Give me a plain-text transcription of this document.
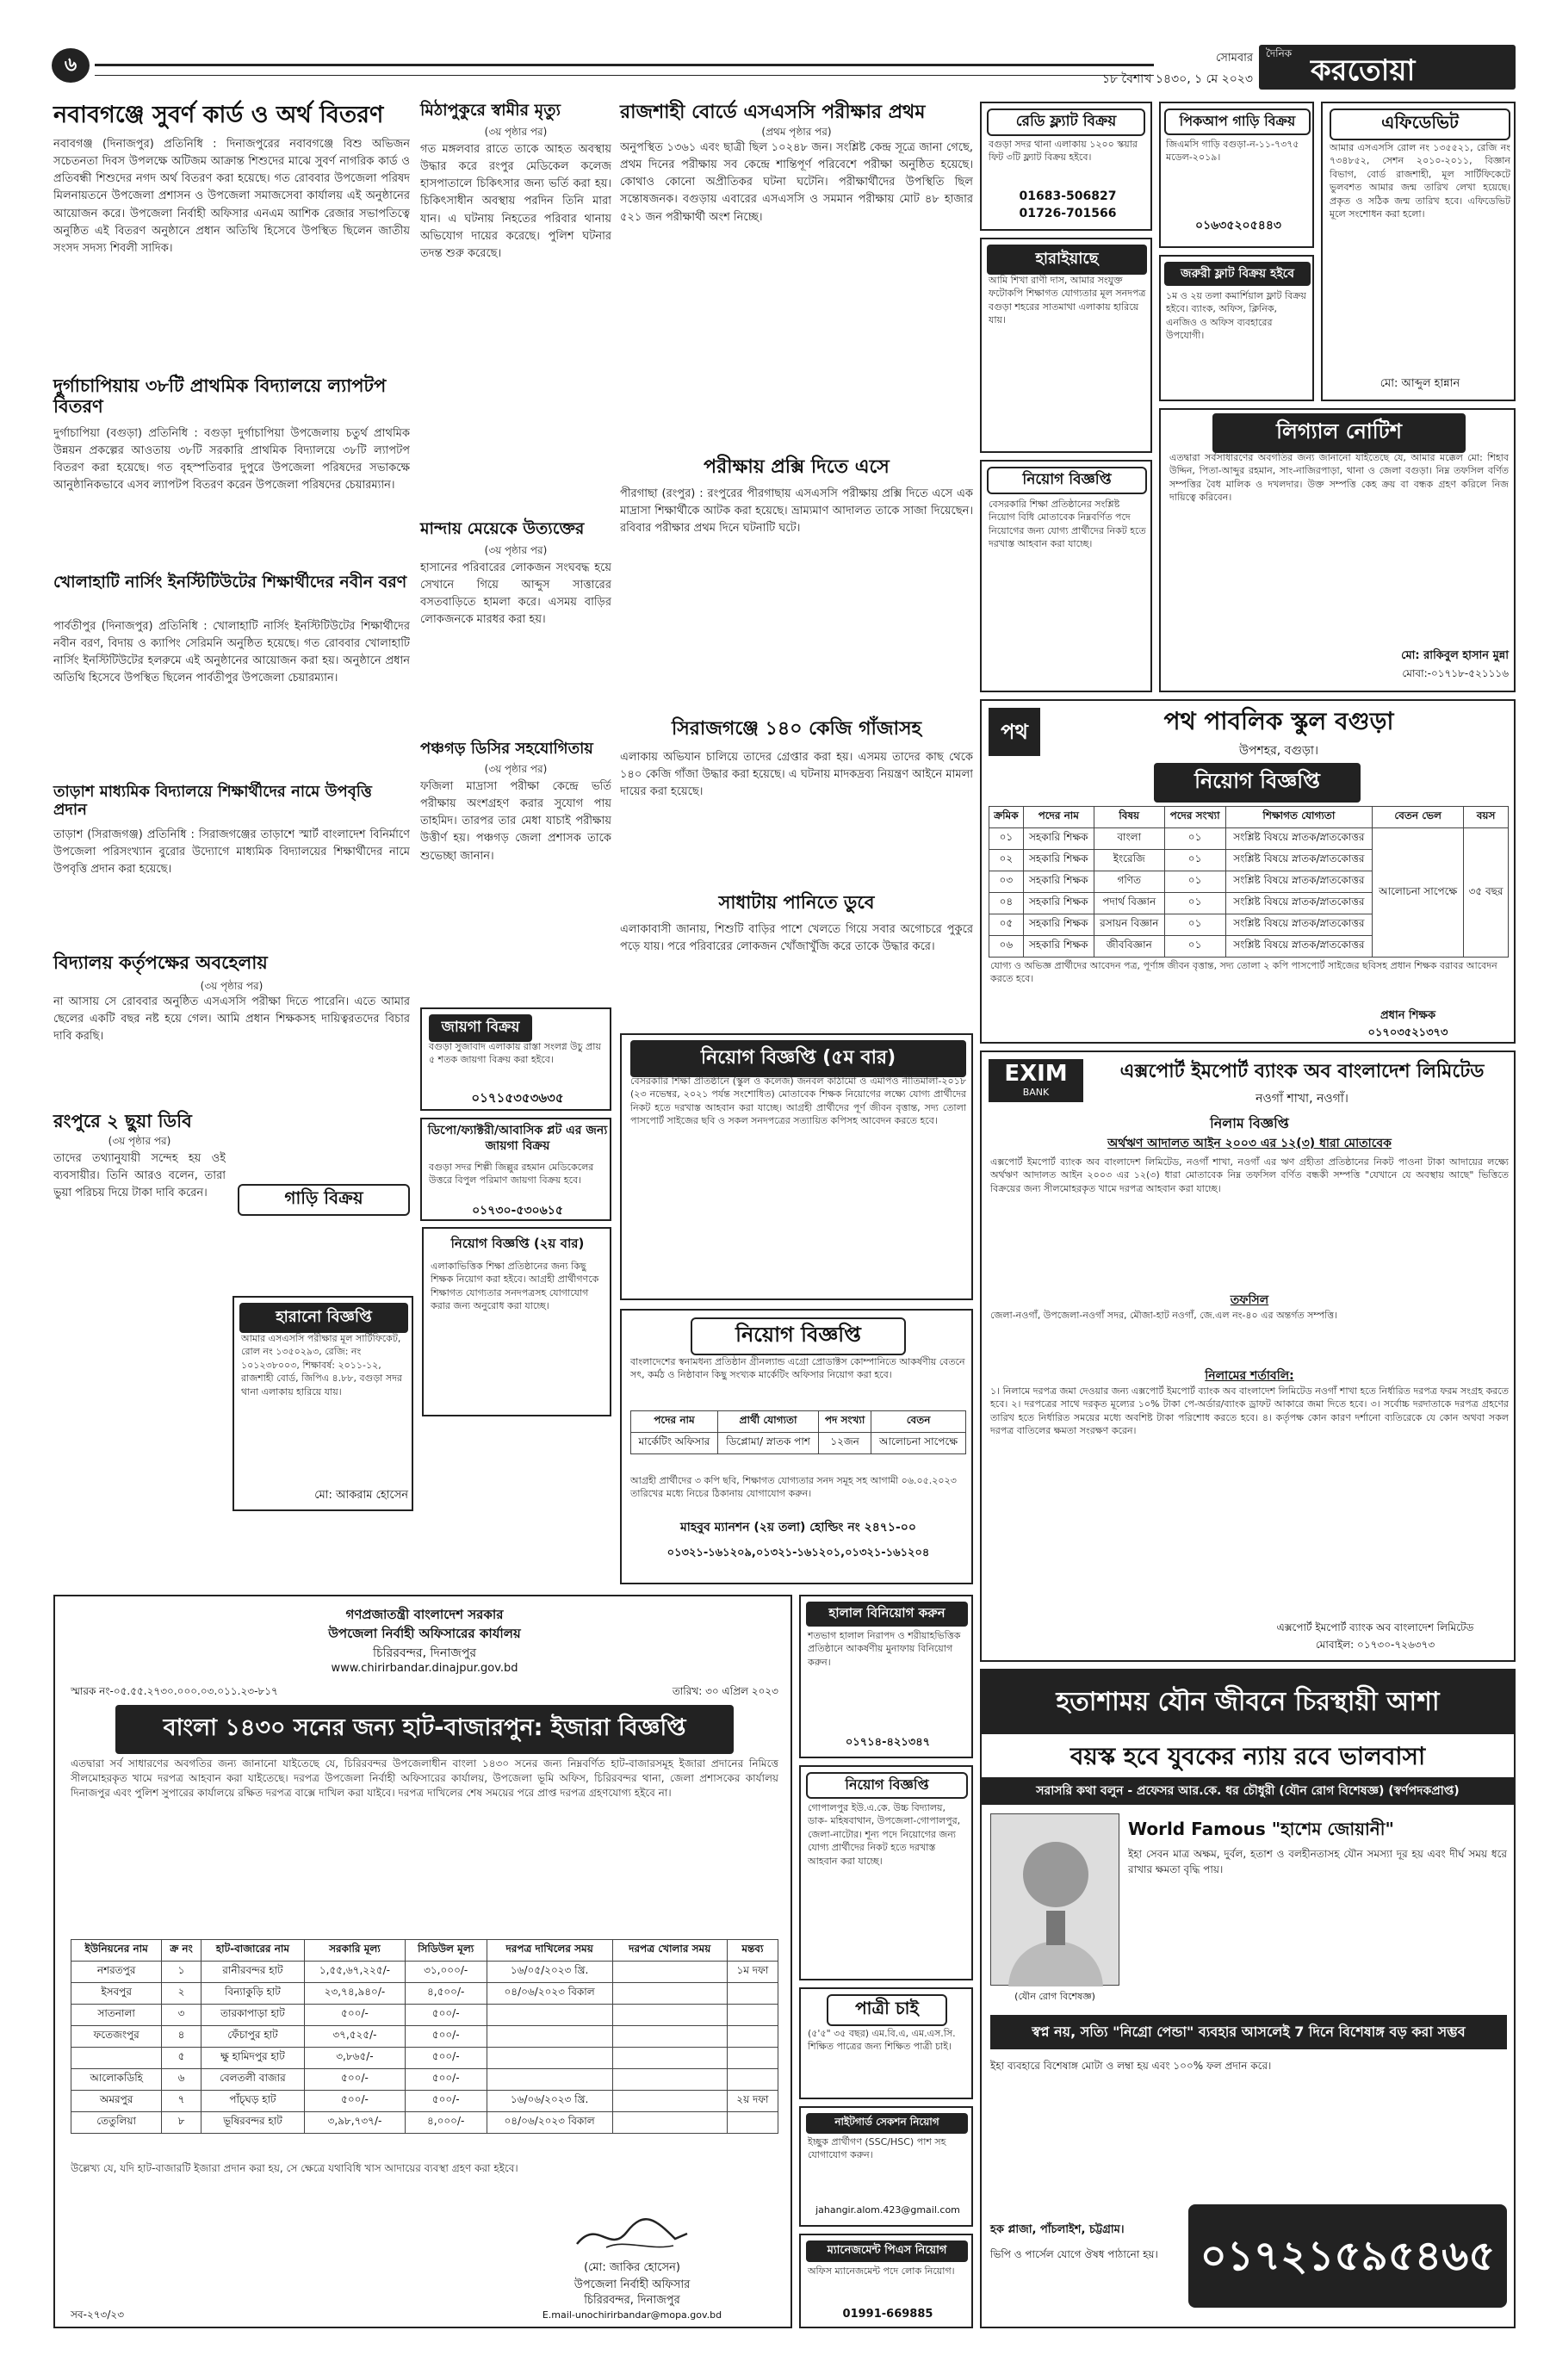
৬	সোমবার
১৮ বৈশাখ ১৪৩০, ১ মে ২০২৩
দৈনিক করতোয়া
নবাবগঞ্জে সুবর্ণ কার্ড ও অর্থ বিতরণ
নবাবগঞ্জ (দিনাজপুর) প্রতিনিধি : দিনাজপুরের নবাবগঞ্জে বিশু অভিজন সচেতনতা দিবস উপলক্ষে অটিজম আক্রান্ত শিশুদের মাঝে সুবর্ণ নাগরিক কার্ড ও প্রতিবন্ধী শিশুদের নগদ অর্থ বিতরণ করা হয়েছে। গত রোববার উপজেলা পরিষদ মিলনায়তনে উপজেলা প্রশাসন ও উপজেলা সমাজসেবা কার্যালয় এই অনুষ্ঠানের আয়োজন করে। উপজেলা নির্বাহী অফিসার এনএম আশিক রেজার সভাপতিত্বে অনুষ্ঠিত এই বিতরণ অনুষ্ঠানে প্রধান অতিথি হিসেবে উপস্থিত ছিলেন জাতীয় সংসদ সদস্য শিবলী সাদিক।
দুর্গাচাপিয়ায় ৩৮টি প্রাথমিক বিদ্যালয়ে ল্যাপটপ বিতরণ
দুর্গাচাপিয়া (বগুড়া) প্রতিনিধি : বগুড়া দুর্গাচাপিয়া উপজেলায় চতুর্থ প্রাথমিক উন্নয়ন প্রকল্পের আওতায় ৩৮টি সরকারি প্রাথমিক বিদ্যালয়ে ৩৮টি ল্যাপটপ বিতরণ করা হয়েছে। গত বৃহস্পতিবার দুপুরে উপজেলা পরিষদের সভাকক্ষে আনুষ্ঠানিকভাবে এসব ল্যাপটপ বিতরণ করেন উপজেলা পরিষদের চেয়ারম্যান।
খোলাহাটি নার্সিং ইনস্টিটিউটের শিক্ষার্থীদের নবীন বরণ
পার্বতীপুর (দিনাজপুর) প্রতিনিধি : খোলাহাটি নার্সিং ইনস্টিটিউটের শিক্ষার্থীদের নবীন বরণ, বিদায় ও ক্যাপিং সেরিমনি অনুষ্ঠিত হয়েছে। গত রোববার খোলাহাটি নার্সিং ইনস্টিটিউটের হলরুমে এই অনুষ্ঠানের আয়োজন করা হয়। অনুষ্ঠানে প্রধান অতিথি হিসেবে উপস্থিত ছিলেন পার্বতীপুর উপজেলা চেয়ারম্যান।
তাড়াশ মাধ্যমিক বিদ্যালয়ে শিক্ষার্থীদের নামে উপবৃত্তি প্রদান
তাড়াশ (সিরাজগঞ্জ) প্রতিনিধি : সিরাজগঞ্জের তাড়াশে স্মার্ট বাংলাদেশ বিনির্মাণে উপজেলা পরিসংখ্যান বুরোর উদ্যোগে মাধ্যমিক বিদ্যালয়ের শিক্ষার্থীদের নামে উপবৃত্তি প্রদান করা হয়েছে।
বিদ্যালয় কর্তৃপক্ষের অবহেলায়
(৩য় পৃষ্ঠার পর)
না আসায় সে রোববার অনুষ্ঠিত এসএসসি পরীক্ষা দিতে পারেনি। এতে আমার ছেলের একটি বছর নষ্ট হয়ে গেল। আমি প্রধান শিক্ষকসহ দায়িত্বরতদের বিচার দাবি করছি।
রংপুরে ২ ছুয়া ডিবি
(৩য় পৃষ্ঠার পর)
তাদের তথ্যানুযায়ী সন্দেহ হয় ওই ব্যবসায়ীর। তিনি আরও বলেন, তারা ভুয়া পরিচয় দিয়ে টাকা দাবি করেন।
মিঠাপুকুরে স্বামীর মৃত্যু
(৩য় পৃষ্ঠার পর)
গত মঙ্গলবার রাতে তাকে আহত অবস্থায় উদ্ধার করে রংপুর মেডিকেল কলেজ হাসপাতালে চিকিৎসার জন্য ভর্তি করা হয়। চিকিৎসাধীন অবস্থায় পরদিন তিনি মারা যান। এ ঘটনায় নিহতের পরিবার থানায় অভিযোগ দায়ের করেছে। পুলিশ ঘটনার তদন্ত শুরু করেছে।
মান্দায় মেয়েকে উত্যক্তের
(৩য় পৃষ্ঠার পর)
হাসানের পরিবারের লোকজন সংঘবদ্ধ হয়ে সেখানে গিয়ে আব্দুস সাত্তারের বসতবাড়িতে হামলা করে। এসময় বাড়ির লোকজনকে মারধর করা হয়।
পঞ্চগড় ডিসির সহযোগিতায়
(৩য় পৃষ্ঠার পর)
ফজিলা মাদ্রাসা পরীক্ষা কেন্দ্রে ভর্তি পরীক্ষায় অংশগ্রহণ করার সুযোগ পায় তাহমিদ। তারপর তার মেধা যাচাই পরীক্ষায় উত্তীর্ণ হয়। পঞ্চগড় জেলা প্রশাসক তাকে শুভেচ্ছা জানান।
জায়গা বিক্রয়
বগুড়া সুজাবাদ এলাকায় রাস্তা সংলগ্ন উচু প্রায় ৫ শতক জায়গা বিক্রয় করা হইবে।
০১৭১৫৩৫৩৬৩৫
ডিপো/ফ্যাক্টরী/আবাসিক প্লট এর জন্য জায়গা বিক্রয়
বগুড়া সদর শিল্পী জিল্লুর রহমান মেডিকেলের উত্তরে বিপুল পরিমাণ জায়গা বিক্রয় হবে।
০১৭৩০-৫৩০৬১৫
গাড়ি বিক্রয়
হারানো বিজ্ঞপ্তি
আমার এসএসসি পরীক্ষার মূল সার্টিফিকেট, রোল নং ১৩৫০২৯৩, রেজি: নং ১০১২৩৮০০৩, শিক্ষাবর্ষ: ২০১১-১২, রাজশাহী বোর্ড, জিপিএ ৪.৮৮, বগুড়া সদর থানা এলাকায় হারিয়ে যায়।
মো: আকরাম হোসেন
নিয়োগ বিজ্ঞপ্তি (২য় বার)
এলাকাভিত্তিক শিক্ষা প্রতিষ্ঠানের জন্য কিছু শিক্ষক নিয়োগ করা হইবে। আগ্রহী প্রার্থীগণকে শিক্ষাগত যোগ্যতার সনদপত্রসহ যোগাযোগ করার জন্য অনুরোধ করা যাচ্ছে।
রাজশাহী বোর্ডে এসএসসি পরীক্ষার প্রথম
(প্রথম পৃষ্ঠার পর)
অনুপস্থিত ১৩৬১ এবং ছাত্রী ছিল ১০২৪৮ জন। সংশ্লিষ্ট কেন্দ্র সূত্রে জানা গেছে, প্রথম দিনের পরীক্ষায় সব কেন্দ্রে শান্তিপূর্ণ পরিবেশে পরীক্ষা অনুষ্ঠিত হয়েছে। কোথাও কোনো অপ্রীতিকর ঘটনা ঘটেনি। পরীক্ষার্থীদের উপস্থিতি ছিল সন্তোষজনক। বগুড়ায় এবারের এসএসসি ও সমমান পরীক্ষায় মোট ৪৮ হাজার ৫২১ জন পরীক্ষার্থী অংশ নিচ্ছে।
পরীক্ষায় প্রক্সি দিতে এসে
পীরগাছা (রংপুর) : রংপুরের পীরগাছায় এসএসসি পরীক্ষায় প্রক্সি দিতে এসে এক মাদ্রাসা শিক্ষার্থীকে আটক করা হয়েছে। ভ্রাম্যমাণ আদালত তাকে সাজা দিয়েছেন। রবিবার পরীক্ষার প্রথম দিনে ঘটনাটি ঘটে।
সিরাজগঞ্জে ১৪০ কেজি গাঁজাসহ
এলাকায় অভিযান চালিয়ে তাদের গ্রেপ্তার করা হয়। এসময় তাদের কাছ থেকে ১৪০ কেজি গাঁজা উদ্ধার করা হয়েছে। এ ঘটনায় মাদকদ্রব্য নিয়ন্ত্রণ আইনে মামলা দায়ের করা হয়েছে।
সাধাটায় পানিতে ডুবে
এলাকাবাসী জানায়, শিশুটি বাড়ির পাশে খেলতে গিয়ে সবার অগোচরে পুকুরে পড়ে যায়। পরে পরিবারের লোকজন খোঁজাখুঁজি করে তাকে উদ্ধার করে।
নিয়োগ বিজ্ঞপ্তি (৫ম বার)
বেসরকারি শিক্ষা প্রতিষ্ঠানে (স্কুল ও কলেজ) জনবল কাঠামো ও এমপিও নীতিমালা-২০১৮ (২৩ নভেম্বর, ২০২১ পর্যন্ত সংশোধিত) মোতাবেক শিক্ষক নিয়োগের লক্ষ্যে যোগ্য প্রার্থীদের নিকট হতে দরখাস্ত আহবান করা যাচ্ছে। আগ্রহী প্রার্থীদের পূর্ণ জীবন বৃত্তান্ত, সদ্য তোলা পাসপোর্ট সাইজের ছবি ও সকল সনদপত্রের সত্যায়িত কপিসহ আবেদন করতে হবে।
নিয়োগ বিজ্ঞপ্তি
বাংলাদেশের স্বনামধন্য প্রতিষ্ঠান গ্রীনল্যান্ড এগ্রো প্রোডাক্টস কোম্পানিতে আকর্ষণীয় বেতনে সৎ, কর্মঠ ও নিষ্ঠাবান কিছু সংখ্যক মার্কেটিং অফিসার নিয়োগ করা হবে।
পদের নাম	প্রার্থী যোগ্যতা	পদ সংখ্যা	বেতন
মার্কেটিং অফিসার	ডিপ্লোমা/ স্নাতক পাশ	১২জন	আলোচনা সাপেক্ষে
আগ্রহী প্রার্থীদের ৩ কপি ছবি, শিক্ষাগত যোগ্যতার সনদ সমূহ সহ আগামী ০৬.০৫.২০২৩ তারিখের মধ্যে নিচের ঠিকানায় যোগাযোগ করুন।
মাহবুব ম্যানশন (২য় তলা) হোল্ডিং নং ২৪৭১-০০
০১৩২১-১৬১২০৯,০১৩২১-১৬১২০১,০১৩২১-১৬১২০৪
রেডি ফ্ল্যাট বিক্রয়
বগুড়া সদর থানা এলাকায় ১২০০ স্কয়ার ফিট ৩টি ফ্ল্যাট বিক্রয় হইবে।
01683-506827
01726-701566
হারাইয়াছে
আমি শিখা রাণী দাস, আমার সংযুক্ত ফটোকপি শিক্ষাগত যোগ্যতার মূল সনদপত্র বগুড়া শহরের সাতমাথা এলাকায় হারিয়ে যায়।
নিয়োগ বিজ্ঞপ্তি
বেসরকারি শিক্ষা প্রতিষ্ঠানের সংশ্লিষ্ট নিয়োগ বিধি মোতাবেক নিম্নবর্ণিত পদে নিয়োগের জন্য যোগ্য প্রার্থীদের নিকট হতে দরখাস্ত আহবান করা যাচ্ছে।
পিকআপ গাড়ি বিক্রয়
জিএমসি গাড়ি বগুড়া-ন-১১-৭৩৭৫ মডেল-২০১৯।
০১৬৩৫২০৫৪৪৩
জরুরী ফ্লাট বিক্রয় হইবে
১ম ও ২য় তলা কমার্শিয়াল ফ্লাট বিক্রয় হইবে। ব্যাংক, অফিস, ক্লিনিক, এনজিও ও অফিস ব্যবহারের উপযোগী।
এফিডেভিট
আমার এসএসসি রোল নং ১৩৫৫২১, রেজি নং ৭৩৪৮৫২, সেশন ২০১০-২০১১, বিজ্ঞান বিভাগ, বোর্ড রাজশাহী, মূল সার্টিফিকেটে ভুলবশত আমার জন্ম তারিখ লেখা হয়েছে। প্রকৃত ও সঠিক জন্ম তারিখ হবে। এফিডেভিট মূলে সংশোধন করা হলো।
মো: আব্দুল হান্নান
লিগ্যাল নোটিশ
এতদ্বারা সর্বসাধারণের অবগতির জন্য জানানো যাইতেছে যে, আমার মক্কেল মো: শিহাব উদ্দিন, পিতা-আব্দুর রহমান, সাং-নাজিরপাড়া, থানা ও জেলা বগুড়া। নিম্ন তফসিল বর্ণিত সম্পত্তির বৈধ মালিক ও দখলদার। উক্ত সম্পত্তি কেহ ক্রয় বা বন্ধক গ্রহণ করিলে নিজ দায়িত্বে করিবেন।
মো: রাকিবুল হাসান মুন্না
মোবা:-০১৭১৮-৫২১১১৬
পথ	পথ পাবলিক স্কুল বগুড়া
উপশহর, বগুড়া।
নিয়োগ বিজ্ঞপ্তি
ক্রমিক	পদের নাম	বিষয়	পদের সংখ্যা	শিক্ষাগত যোগ্যতা	বেতন ভেল	বয়স
০১	সহকারি শিক্ষক	বাংলা	০১	সংশ্লিষ্ট বিষয়ে স্নাতক/স্নাতকোত্তর	আলোচনা সাপেক্ষে	৩৫ বছর
০২	সহকারি শিক্ষক	ইংরেজি	০১	সংশ্লিষ্ট বিষয়ে স্নাতক/স্নাতকোত্তর		
০৩	সহকারি শিক্ষক	গণিত	০১	সংশ্লিষ্ট বিষয়ে স্নাতক/স্নাতকোত্তর		
০৪	সহকারি শিক্ষক	পদার্থ বিজ্ঞান	০১	সংশ্লিষ্ট বিষয়ে স্নাতক/স্নাতকোত্তর		
০৫	সহকারি শিক্ষক	রসায়ন বিজ্ঞান	০১	সংশ্লিষ্ট বিষয়ে স্নাতক/স্নাতকোত্তর		
০৬	সহকারি শিক্ষক	জীববিজ্ঞান	০১	সংশ্লিষ্ট বিষয়ে স্নাতক/স্নাতকোত্তর		
যোগ্য ও অভিজ্ঞ প্রার্থীদের আবেদন পত্র, পূর্ণাঙ্গ জীবন বৃত্তান্ত, সদ্য তোলা ২ কপি পাসপোর্ট সাইজের ছবিসহ প্রধান শিক্ষক বরাবর আবেদন করতে হবে।
প্রধান শিক্ষক
০১৭০৩৫২১৩৭৩
EXIM
BANK
এক্সপোর্ট ইমপোর্ট ব্যাংক অব বাংলাদেশ লিমিটেড
নওগাঁ শাখা, নওগাঁ।
নিলাম বিজ্ঞপ্তি
অর্থঋণ আদালত আইন ২০০৩ এর ১২(৩) ধারা মোতাবেক
এক্সপোর্ট ইমপোর্ট ব্যাংক অব বাংলাদেশ লিমিটেড, নওগাঁ শাখা, নওগাঁ এর ঋণ গ্রহীতা প্রতিষ্ঠানের নিকট পাওনা টাকা আদায়ের লক্ষ্যে অর্থঋণ আদালত আইন ২০০৩ এর ১২(৩) ধারা মোতাবেক নিম্ন তফসিল বর্ণিত বন্ধকী সম্পত্তি "যেখানে যে অবস্থায় আছে" ভিত্তিতে বিক্রয়ের জন্য সীলমোহরকৃত খামে দরপত্র আহবান করা যাচ্ছে।
তফসিল
জেলা-নওগাঁ, উপজেলা-নওগাঁ সদর, মৌজা-হাট নওগাঁ, জে.এল নং-৪০ এর অন্তর্গত সম্পত্তি।
নিলামের শর্তাবলি:
১। নিলামে দরপত্র জমা দেওয়ার জন্য এক্সপোর্ট ইমপোর্ট ব্যাংক অব বাংলাদেশ লিমিটেড নওগাঁ শাখা হতে নির্ধারিত দরপত্র ফরম সংগ্রহ করতে হবে। ২। দরপত্রের সাথে দরকৃত মূল্যের ১০% টাকা পে-অর্ডার/ব্যাংক ড্রাফট আকারে জমা দিতে হবে। ৩। সর্বোচ্চ দরদাতাকে দরপত্র গ্রহণের তারিখ হতে নির্ধারিত সময়ের মধ্যে অবশিষ্ট টাকা পরিশোধ করতে হবে। ৪। কর্তৃপক্ষ কোন কারণ দর্শানো ব্যতিরেকে যে কোন অথবা সকল দরপত্র বাতিলের ক্ষমতা সংরক্ষণ করেন।
এক্সপোর্ট ইমপোর্ট ব্যাংক অব বাংলাদেশ লিমিটেড
মোবাইল: ০১৭৩০-৭২৬৩৭৩
গণপ্রজাতন্ত্রী বাংলাদেশ সরকার
উপজেলা নির্বাহী অফিসারের কার্যালয়
চিরিরবন্দর, দিনাজপুর
www.chirirbandar.dinajpur.gov.bd
স্মারক নং-০৫.৫৫.২৭৩০.০০০.০৩.০১১.২৩-৮১৭	তারিখ: ৩০ এপ্রিল ২০২৩
বাংলা ১৪৩০ সনের জন্য হাট-বাজারপুন: ইজারা বিজ্ঞপ্তি
এতদ্বারা সর্ব সাধারণের অবগতির জন্য জানানো যাইতেছে যে, চিরিরবন্দর উপজেলাধীন বাংলা ১৪৩০ সনের জন্য নিম্নবর্ণিত হাট-বাজারসমূহ ইজারা প্রদানের নিমিত্তে সীলমোহরকৃত খামে দরপত্র আহবান করা যাইতেছে। দরপত্র উপজেলা নির্বাহী অফিসারের কার্যালয়, উপজেলা ভূমি অফিস, চিরিরবন্দর থানা, জেলা প্রশাসকের কার্যালয় দিনাজপুর এবং পুলিশ সুপারের কার্যালয়ে রক্ষিত দরপত্র বাক্সে দাখিল করা যাইবে। দরপত্র দাখিলের শেষ সময়ের পরে প্রাপ্ত দরপত্র গ্রহণযোগ্য হইবে না।
ইউনিয়নের নাম	ক্র নং	হাট-বাজারের নাম	সরকারি মূল্য	সিডিউল মূল্য	দরপত্র দাখিলের সময়	দরপত্র খোলার সময়	মন্তব্য
নশরতপুর	১	রানীরবন্দর হাট	১,৫৫,৬৭,২২৫/-	৩১,০০০/-	১৬/০৫/২০২৩ খ্রি.		১ম দফা
ইসবপুর	২	বিন্যাকুড়ি হাট	২৩,৭৪,৯৪০/-	৪,৫০০/-	০৪/০৬/২০২৩ বিকাল		
সাতনালা	৩	তারকাপাড়া হাট	৫০০/-	৫০০/-			
ফতেজংপুর	৪	ফেঁচাপুর হাট	৩৭,৫২৫/-	৫০০/-			
	৫	ক্ষু হামিদপুর হাট	৩,৮৬৫/-	৫০০/-			
আলোকডিহি	৬	বেলতলী বাজার	৫০০/-	৫০০/-			
অমরপুর	৭	পাঁচ্ঘড় হাট	৫০০/-	৫০০/-	১৬/০৬/২০২৩ খ্রি.		২য় দফা
তেতুলিয়া	৮	ভূষিরবন্দর হাট	৩,৯৮,৭৩৭/-	৪,০০০/-	০৪/০৬/২০২৩ বিকাল		
উল্লেখ্য যে, যদি হাট-বাজারটি ইজারা প্রদান করা হয়, সে ক্ষেত্রে যথাবিধি খাস আদায়ের ব্যবস্থা গ্রহণ করা হইবে।
(মো: জাকির হোসেন)
উপজেলা নির্বাহী অফিসার
চিরিরবন্দর, দিনাজপুর
E.mail-unochirirbandar@mopa.gov.bd
সব-২৭৩/২৩
হালাল বিনিয়োগ করুন
শতভাগ হালাল নিরাপদ ও শরীয়াহভিত্তিক প্রতিষ্ঠানে আকর্ষণীয় মুনাফায় বিনিয়োগ করুন।
০১৭১৪-৪২১৩৪৭
নিয়োগ বিজ্ঞপ্তি
গোপালপুর ইউ.এ.কে. উচ্চ বিদ্যালয়, ডাক- মহিষবাথান, উপজেলা-গোপালপুর, জেলা-নাটোর। শূন্য পদে নিয়োগের জন্য যোগ্য প্রার্থীদের নিকট হতে দরখাস্ত আহবান করা যাচ্ছে।
পাত্রী চাই
(৫'৫" ৩৫ বছর) এম.বি.এ, এম.এস.সি. শিক্ষিত পাত্রের জন্য শিক্ষিত পাত্রী চাই।
নাইটগার্ড সেকশন নিয়োগ
ইচ্ছুক প্রার্থীগণ (SSC/HSC) পাশ সহ যোগাযোগ করুন।
jahangir.alom.423@gmail.com
ম্যানেজমেন্ট পিএস নিয়োগ
অফিস ম্যানেজমেন্ট পদে লোক নিয়োগ।
01991-669885
হতাশাময় যৌন জীবনে চিরস্থায়ী আশা
বয়স্ক হবে যুবকের ন্যায় রবে ভালবাসা
সরাসরি কথা বলুন - প্রফেসর আর.কে. ধর চৌধুরী (যৌন রোগ বিশেষজ্ঞ) (স্বর্ণপদকপ্রাপ্ত)
(যৌন রোগ বিশেষজ্ঞ)
World Famous "হাশেম জোয়ানী"
ইহা সেবন মাত্র অক্ষম, দুর্বল, হতাশ ও বলহীনতাসহ যৌন সমস্যা দূর হয় এবং দীর্ঘ সময় ধরে রাখার ক্ষমতা বৃদ্ধি পায়।
স্বপ্ন নয়, সত্যি "নিগ্রো পেন্ডা" ব্যবহার আসলেই 7 দিনে বিশেষাঙ্গ বড় করা সম্ভব
ইহা ব্যবহারে বিশেষাঙ্গ মোটা ও লম্বা হয় এবং ১০০% ফল প্রদান করে।
হক প্লাজা, পাঁচলাইশ, চট্টগ্রাম।
ভিপি ও পার্সেল যোগে ঔষধ পাঠানো হয়।	০১৭২১৫৯৫৪৬৫
